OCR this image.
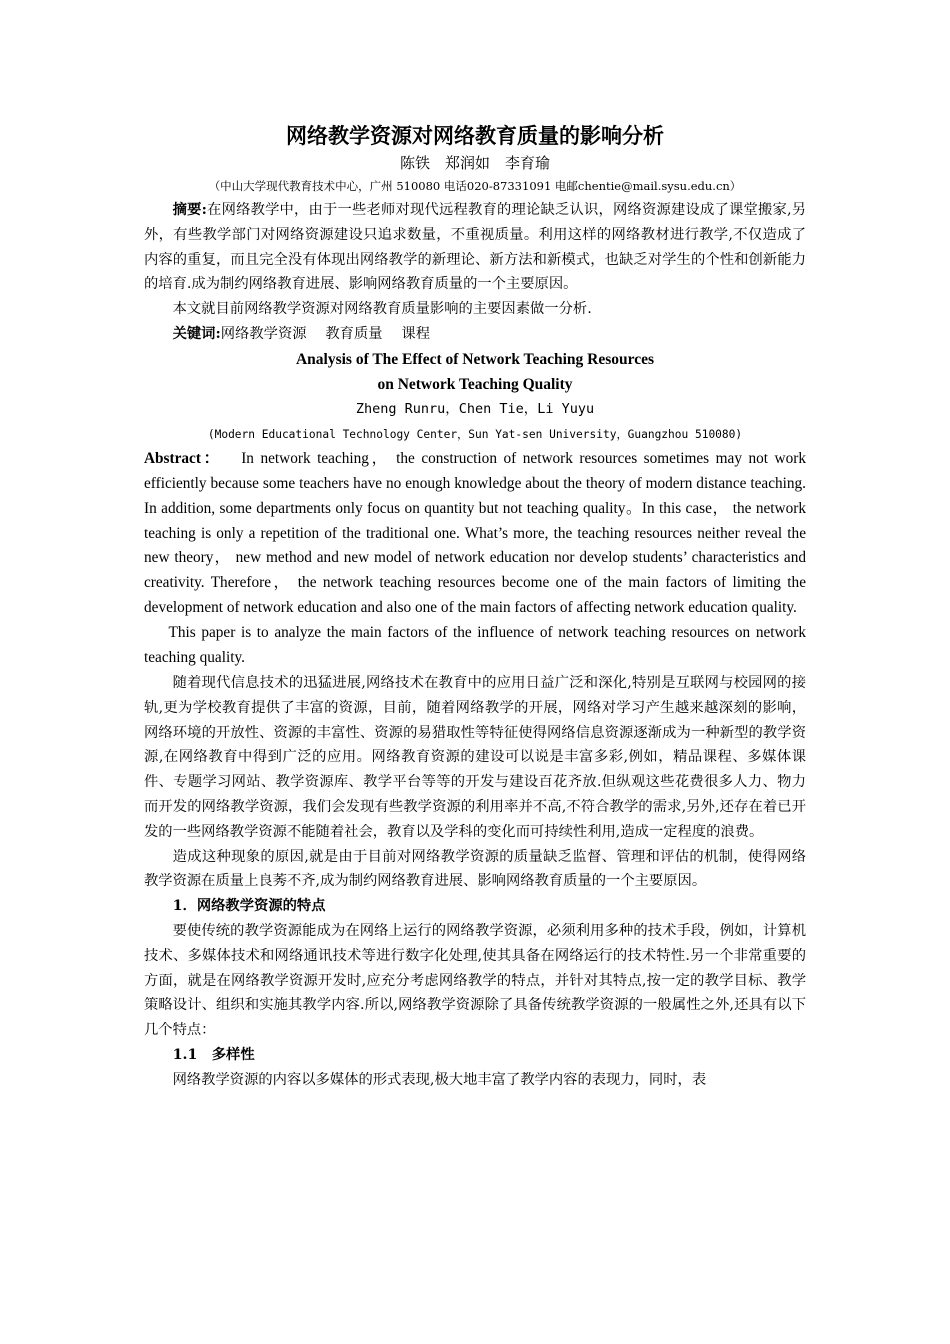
网络教学资源对网络教育质量的影响分析

陈铁　郑润如　李育瑜

（中山大学现代教育技术中心，广州 510080 电话020-87331091 电邮chentie@mail.sysu.edu.cn）

摘要:在网络教学中，由于一些老师对现代远程教育的理论缺乏认识，网络资源建设成了课堂搬家,另外，有些教学部门对网络资源建设只追求数量，不重视质量。利用这样的网络教材进行教学,不仅造成了内容的重复，而且完全没有体现出网络教学的新理论、新方法和新模式，也缺乏对学生的个性和创新能力的培育.成为制约网络教育进展、影响网络教育质量的一个主要原因。

本文就目前网络教学资源对网络教育质量影响的主要因素做一分析.

关键词:网络教学资源　 教育质量　 课程

Analysis of The Effect of Network Teaching Resources

on Network Teaching Quality

Zheng Runru，Chen Tie，Li Yuyu

(Modern Educational Technology Center，Sun Yat-sen University，Guangzhou 510080)

Abstract： In network teaching， the construction of network resources sometimes may not work efficiently because some teachers have no enough knowledge about the theory of modern distance teaching. In addition, some departments only focus on quantity but not teaching quality。In this case， the network teaching is only a repetition of the traditional one. What’s more, the teaching resources neither reveal the new theory， new method and new model of network education nor develop students’ characteristics and creativity. Therefore， the network teaching resources become one of the main factors of limiting the development of network education and also one of the main factors of affecting network education quality.

This paper is to analyze the main factors of the influence of network teaching resources on network teaching quality.

随着现代信息技术的迅猛进展,网络技术在教育中的应用日益广泛和深化,特别是互联网与校园网的接轨,更为学校教育提供了丰富的资源，目前，随着网络教学的开展，网络对学习产生越来越深刻的影响，网络环境的开放性、资源的丰富性、资源的易猎取性等特征使得网络信息资源逐渐成为一种新型的教学资源,在网络教育中得到广泛的应用。网络教育资源的建设可以说是丰富多彩,例如，精品课程、多媒体课件、专题学习网站、教学资源库、教学平台等等的开发与建设百花齐放.但纵观这些花费很多人力、物力而开发的网络教学资源，我们会发现有些教学资源的利用率并不高,不符合教学的需求,另外,还存在着已开发的一些网络教学资源不能随着社会，教育以及学科的变化而可持续性利用,造成一定程度的浪费。

造成这种现象的原因,就是由于目前对网络教学资源的质量缺乏监督、管理和评估的机制，使得网络教学资源在质量上良莠不齐,成为制约网络教育进展、影响网络教育质量的一个主要原因。

1．网络教学资源的特点

要使传统的教学资源能成为在网络上运行的网络教学资源，必须利用多种的技术手段，例如，计算机技术、多媒体技术和网络通讯技术等进行数字化处理,使其具备在网络运行的技术特性.另一个非常重要的方面，就是在网络教学资源开发时,应充分考虑网络教学的特点，并针对其特点,按一定的教学目标、教学策略设计、组织和实施其教学内容.所以,网络教学资源除了具备传统教学资源的一般属性之外,还具有以下几个特点：

1.1　多样性

网络教学资源的内容以多媒体的形式表现,极大地丰富了教学内容的表现力，同时，表
